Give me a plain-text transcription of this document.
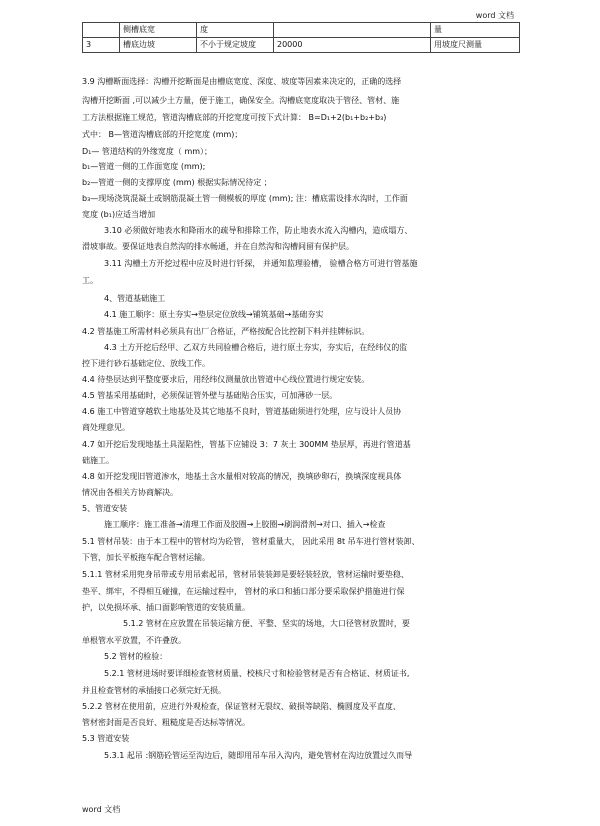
word 文档
	侧槽底宽	度		量
3	槽底边坡	不小于规定坡度	20000	用坡度尺测量
3.9 沟槽断面选择：沟槽开挖断面是由槽底宽度、深度、坡度等因素来决定的，正确的选择
沟槽开挖断面 ,可以减少土方量，便于施工，确保安全。沟槽底宽度取决于管径、管材、施
工方法根据施工规范，管道沟槽底部的开挖宽度可按下式计算： B=D₁+2(b₁+b₂+b₃)
式中： B—管道沟槽底部的开挖宽度 (mm)；
D₁— 管道结构的外缘宽度（ mm）；
b₁—管道一侧的工作面宽度 (mm);
b₂—管道一侧的支撑厚度 (mm) 根据实际情况待定 ；
b₃—现场浇筑混凝土或钢筋混凝土管一侧模板的厚度 (mm); 注：槽底需设排水沟时，工作面
宽度 (b₁)应适当增加
3.10 必须做好地表水和降雨水的疏导和排除工作，防止地表水流入沟槽内，造成塌方、
滑坡事故。要保证地表自然沟的排水畅通，并在自然沟和沟槽间留有保护层。
3.11 沟槽土方开挖过程中应及时进行钎探， 并通知监理验槽， 验槽合格方可进行管基施
工。
4、管道基础施工
4.1 施工顺序：原土夯实→垫层定位放线→铺筑基础→基础夯实
4.2 管基施工所需材料必须具有出厂合格证，严格按配合比控制下料并挂牌标识。
4.3 土方开挖后经甲、乙双方共同验槽合格后，进行原土夯实，夯实后，在经纬仪的监
控下进行砂石基础定位、放线工作。
4.4 待垫层达到平整度要求后，用经纬仪测量放出管道中心线位置进行规定安装。
4.5 管基采用基础时，必须保证管外壁与基础贴合压实，可加薄砂一层。
4.6 施工中管道穿越软土地基处及其它地基不良时，管道基础须进行处理，应与设计人员协
商处理意见。
4.7 如开挖后发现地基土具湿陷性，管基下应铺设 3：7 灰土 300MM 垫层厚，再进行管道基
础施工。
4.8 如开挖发现旧管道渗水，地基土含水量相对较高的情况，换填砂卵石，换填深度视具体
情况由各相关方协商解决。
5、管道安装
施工顺序：施工准备→清理工作面及胶圈→上胶圈→刷润滑剂→对口、插入→检查
5.1 管材吊装：由于本工程中的管材均为砼管， 管材重量大， 因此采用 8t 吊车进行管材装卸、
下管，加长平板拖车配合管材运输。
5.1.1 管材采用兜身吊带或专用吊索起吊，管材吊装装卸是要轻装轻放，管材运输时要垫稳、
垫平、绑牢，不得相互碰撞，在运输过程中， 管材的承口和插口部分要采取保护措施进行保
护，以免损坏承、插口面影响管道的安装质量。
5.1.2 管材在应放置在吊装运输方便、平整、坚实的场地，大口径管材放置时，要
单根管水平放置，不许叠放。
5.2 管材的检验：
5.2.1 管材进场时要详细检查管材质量、校核尺寸和检验管材是否有合格证、材质证书,
并且检查管材的承插接口必须完好无损。
5.2.2 管材在使用前，应进行外观检查，保证管材无裂纹、破损等缺陷、椭圆度及平直度、
管材密封面是否良好、粗糙度是否达标等情况。
5.3 管道安装
5.3.1 起吊 :钢筋砼管运至沟边后，随即用吊车吊入沟内，避免管材在沟边放置过久而导
word 文档
